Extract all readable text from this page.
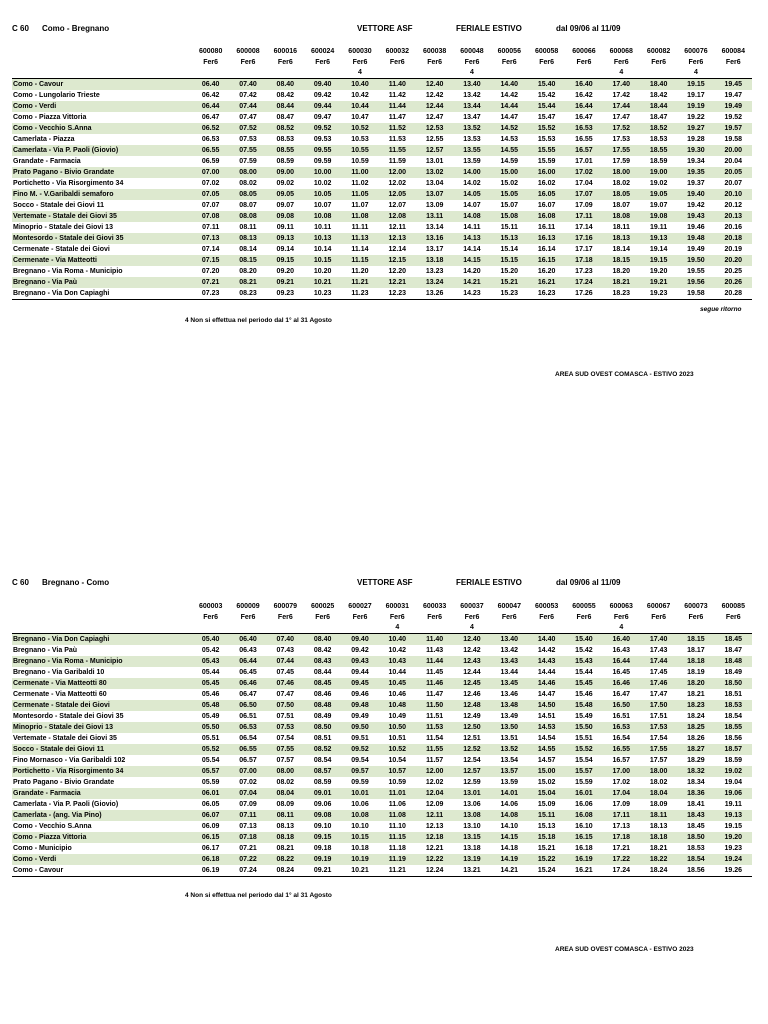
C 60 Como - Bregnano	VETTORE ASF	FERIALE ESTIVO	dal 09/06 al 11/09
	600080	600008	600016	600024	600030	600032	600038	600048	600056	600058	600066	600068	600082	600076	600084
	Fer6	Fer6	Fer6	Fer6	Fer6	Fer6	Fer6	Fer6	Fer6	Fer6	Fer6	Fer6	Fer6	Fer6	Fer6
					4			4				4		4	
Como - Cavour	06.40	07.40	08.40	09.40	10.40	11.40	12.40	13.40	14.40	15.40	16.40	17.40	18.40	19.15	19.45
Como - Lungolario Trieste	06.42	07.42	08.42	09.42	10.42	11.42	12.42	13.42	14.42	15.42	16.42	17.42	18.42	19.17	19.47
Como - Verdi	06.44	07.44	08.44	09.44	10.44	11.44	12.44	13.44	14.44	15.44	16.44	17.44	18.44	19.19	19.49
Como - Piazza Vittoria	06.47	07.47	08.47	09.47	10.47	11.47	12.47	13.47	14.47	15.47	16.47	17.47	18.47	19.22	19.52
Como - Vecchio S.Anna	06.52	07.52	08.52	09.52	10.52	11.52	12.53	13.52	14.52	15.52	16.53	17.52	18.52	19.27	19.57
Camerlata - Piazza	06.53	07.53	08.53	09.53	10.53	11.53	12.55	13.53	14.53	15.53	16.55	17.53	18.53	19.28	19.58
Camerlata - Via P. Paoli (Giovio)	06.55	07.55	08.55	09.55	10.55	11.55	12.57	13.55	14.55	15.55	16.57	17.55	18.55	19.30	20.00
Grandate - Farmacia	06.59	07.59	08.59	09.59	10.59	11.59	13.01	13.59	14.59	15.59	17.01	17.59	18.59	19.34	20.04
Prato Pagano - Bivio Grandate	07.00	08.00	09.00	10.00	11.00	12.00	13.02	14.00	15.00	16.00	17.02	18.00	19.00	19.35	20.05
Portichetto - Via Risorgimento 34	07.02	08.02	09.02	10.02	11.02	12.02	13.04	14.02	15.02	16.02	17.04	18.02	19.02	19.37	20.07
Fino M. - V.Garibaldi semaforo	07.05	08.05	09.05	10.05	11.05	12.05	13.07	14.05	15.05	16.05	17.07	18.05	19.05	19.40	20.10
Socco - Statale dei Giovi 11	07.07	08.07	09.07	10.07	11.07	12.07	13.09	14.07	15.07	16.07	17.09	18.07	19.07	19.42	20.12
Vertemate - Statale dei Giovi 35	07.08	08.08	09.08	10.08	11.08	12.08	13.11	14.08	15.08	16.08	17.11	18.08	19.08	19.43	20.13
Minoprio - Statale dei Giovi 13	07.11	08.11	09.11	10.11	11.11	12.11	13.14	14.11	15.11	16.11	17.14	18.11	19.11	19.46	20.16
Montesordo - Statale dei Giovi 35	07.13	08.13	09.13	10.13	11.13	12.13	13.16	14.13	15.13	16.13	17.16	18.13	19.13	19.48	20.18
Cermenate - Statale dei Giovi	07.14	08.14	09.14	10.14	11.14	12.14	13.17	14.14	15.14	16.14	17.17	18.14	19.14	19.49	20.19
Cermenate - Via Matteotti	07.15	08.15	09.15	10.15	11.15	12.15	13.18	14.15	15.15	16.15	17.18	18.15	19.15	19.50	20.20
Bregnano - Via Roma - Municipio	07.20	08.20	09.20	10.20	11.20	12.20	13.23	14.20	15.20	16.20	17.23	18.20	19.20	19.55	20.25
Bregnano - Via Paù	07.21	08.21	09.21	10.21	11.21	12.21	13.24	14.21	15.21	16.21	17.24	18.21	19.21	19.56	20.26
Bregnano - Via Don Capiaghi	07.23	08.23	09.23	10.23	11.23	12.23	13.26	14.23	15.23	16.23	17.26	18.23	19.23	19.58	20.28
segue ritorno
4 Non si effettua nel periodo dal 1° al 31 Agosto
AREA SUD OVEST COMASCA - ESTIVO 2023
C 60 Bregnano - Como	VETTORE ASF	FERIALE ESTIVO	dal 09/06 al 11/09
	600003	600009	600079	600025	600027	600031	600033	600037	600047	600053	600055	600063	600067	600073	600085
	Fer6	Fer6	Fer6	Fer6	Fer6	Fer6	Fer6	Fer6	Fer6	Fer6	Fer6	Fer6	Fer6	Fer6	Fer6
						4		4				4			
Bregnano - Via Don Capiaghi	05.40	06.40	07.40	08.40	09.40	10.40	11.40	12.40	13.40	14.40	15.40	16.40	17.40	18.15	18.45
Bregnano - Via Paù	05.42	06.43	07.43	08.42	09.42	10.42	11.43	12.42	13.42	14.42	15.42	16.43	17.43	18.17	18.47
Bregnano - Via Roma - Municipio	05.43	06.44	07.44	08.43	09.43	10.43	11.44	12.43	13.43	14.43	15.43	16.44	17.44	18.18	18.48
Bregnano - Via Garibaldi 10	05.44	06.45	07.45	08.44	09.44	10.44	11.45	12.44	13.44	14.44	15.44	16.45	17.45	18.19	18.49
Cermenate - Via Matteotti 80	05.45	06.46	07.46	08.45	09.45	10.45	11.46	12.45	13.45	14.46	15.45	16.46	17.46	18.20	18.50
Cermenate - Via Matteotti 60	05.46	06.47	07.47	08.46	09.46	10.46	11.47	12.46	13.46	14.47	15.46	16.47	17.47	18.21	18.51
Cermenate - Statale dei Giovi	05.48	06.50	07.50	08.48	09.48	10.48	11.50	12.48	13.48	14.50	15.48	16.50	17.50	18.23	18.53
Montesordo - Statale dei Giovi 35	05.49	06.51	07.51	08.49	09.49	10.49	11.51	12.49	13.49	14.51	15.49	16.51	17.51	18.24	18.54
Minoprio - Statale dei Giovi 13	05.50	06.53	07.53	08.50	09.50	10.50	11.53	12.50	13.50	14.53	15.50	16.53	17.53	18.25	18.55
Vertemate - Statale dei Giovi 35	05.51	06.54	07.54	08.51	09.51	10.51	11.54	12.51	13.51	14.54	15.51	16.54	17.54	18.26	18.56
Socco - Statale dei Giovi 11	05.52	06.55	07.55	08.52	09.52	10.52	11.55	12.52	13.52	14.55	15.52	16.55	17.55	18.27	18.57
Fino Mornasco - Via Garibaldi 102	05.54	06.57	07.57	08.54	09.54	10.54	11.57	12.54	13.54	14.57	15.54	16.57	17.57	18.29	18.59
Portichetto - Via Risorgimento 34	05.57	07.00	08.00	08.57	09.57	10.57	12.00	12.57	13.57	15.00	15.57	17.00	18.00	18.32	19.02
Prato Pagano - Bivio Grandate	05.59	07.02	08.02	08.59	09.59	10.59	12.02	12.59	13.59	15.02	15.59	17.02	18.02	18.34	19.04
Grandate - Farmacia	06.01	07.04	08.04	09.01	10.01	11.01	12.04	13.01	14.01	15.04	16.01	17.04	18.04	18.36	19.06
Camerlata - Via P. Paoli (Giovio)	06.05	07.09	08.09	09.06	10.06	11.06	12.09	13.06	14.06	15.09	16.06	17.09	18.09	18.41	19.11
Camerlata - (ang. Via Pino)	06.07	07.11	08.11	09.08	10.08	11.08	12.11	13.08	14.08	15.11	16.08	17.11	18.11	18.43	19.13
Como - Vecchio S.Anna	06.09	07.13	08.13	09.10	10.10	11.10	12.13	13.10	14.10	15.13	16.10	17.13	18.13	18.45	19.15
Como - Piazza Vittoria	06.15	07.18	08.18	09.15	10.15	11.15	12.18	13.15	14.15	15.18	16.15	17.18	18.18	18.50	19.20
Como - Municipio	06.17	07.21	08.21	09.18	10.18	11.18	12.21	13.18	14.18	15.21	16.18	17.21	18.21	18.53	19.23
Como - Verdi	06.18	07.22	08.22	09.19	10.19	11.19	12.22	13.19	14.19	15.22	16.19	17.22	18.22	18.54	19.24
Como - Cavour	06.19	07.24	08.24	09.21	10.21	11.21	12.24	13.21	14.21	15.24	16.21	17.24	18.24	18.56	19.26
4 Non si effettua nel periodo dal 1° al 31 Agosto
AREA SUD OVEST COMASCA - ESTIVO 2023
